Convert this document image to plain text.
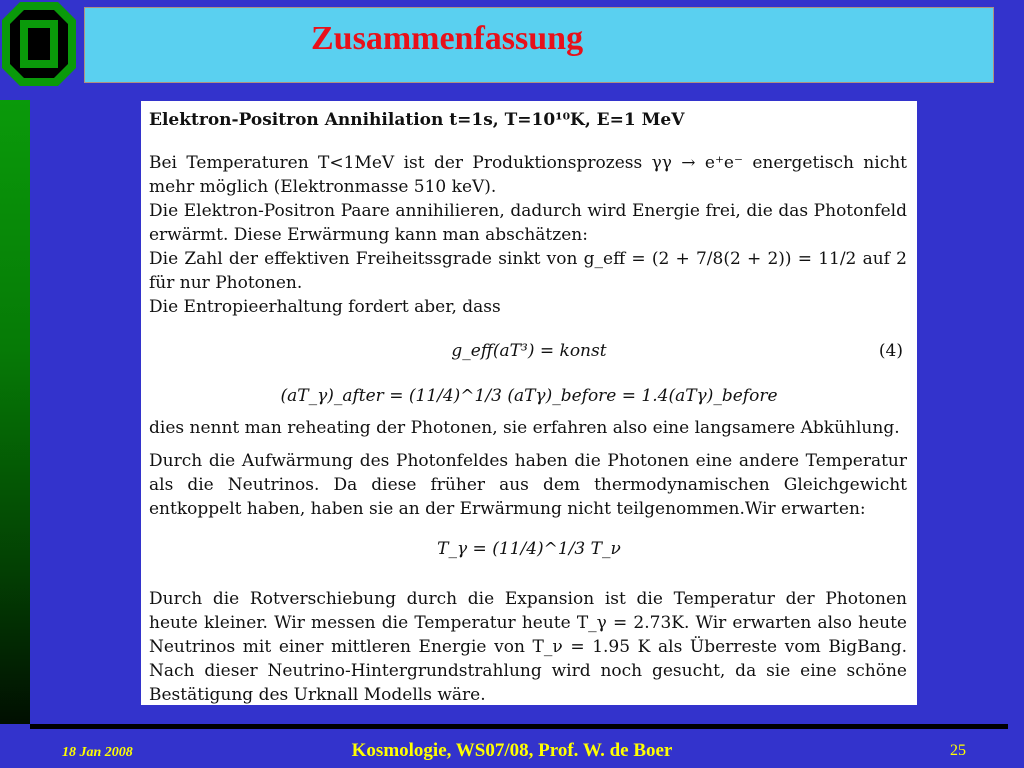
Zusammenfassung

Elektron-Positron Annihilation t=1s, T=10¹⁰K, E=1 MeV

Bei Temperaturen T<1MeV ist der Produktionsprozess γγ → e⁺e⁻ energetisch nicht mehr möglich (Elektronmasse 510 keV).

Die Elektron-Positron Paare annihilieren, dadurch wird Energie frei, die das Photonfeld erwärmt. Diese Erwärmung kann man abschätzen:

Die Zahl der effektiven Freiheitssgrade sinkt von g_eff = (2 + 7/8(2 + 2)) = 11/2 auf 2 für nur Photonen.

Die Entropieerhaltung fordert aber, dass

g_eff(aT³) = konst	(4)
(aT_γ)_after = (11/4)^1/3 (aTγ)_before = 1.4(aTγ)_before

dies nennt man reheating der Photonen, sie erfahren also eine langsamere Abkühlung.

Durch die Aufwärmung des Photonfeldes haben die Photonen eine andere Temperatur als die Neutrinos. Da diese früher aus dem thermodynamischen Gleichgewicht entkoppelt haben, haben sie an der Erwärmung nicht teilgenommen.Wir erwarten:

T_γ = (11/4)^1/3 T_ν

Durch die Rotverschiebung durch die Expansion ist die Temperatur der Photonen heute kleiner. Wir messen die Temperatur heute T_γ = 2.73K. Wir erwarten also heute Neutrinos mit einer mittleren Energie von T_ν = 1.95 K als Überreste vom BigBang. Nach dieser Neutrino-Hintergrundstrahlung wird noch gesucht, da sie eine schöne Bestätigung des Urknall Modells wäre.

18 Jan 2008	Kosmologie, WS07/08, Prof. W. de Boer	25
